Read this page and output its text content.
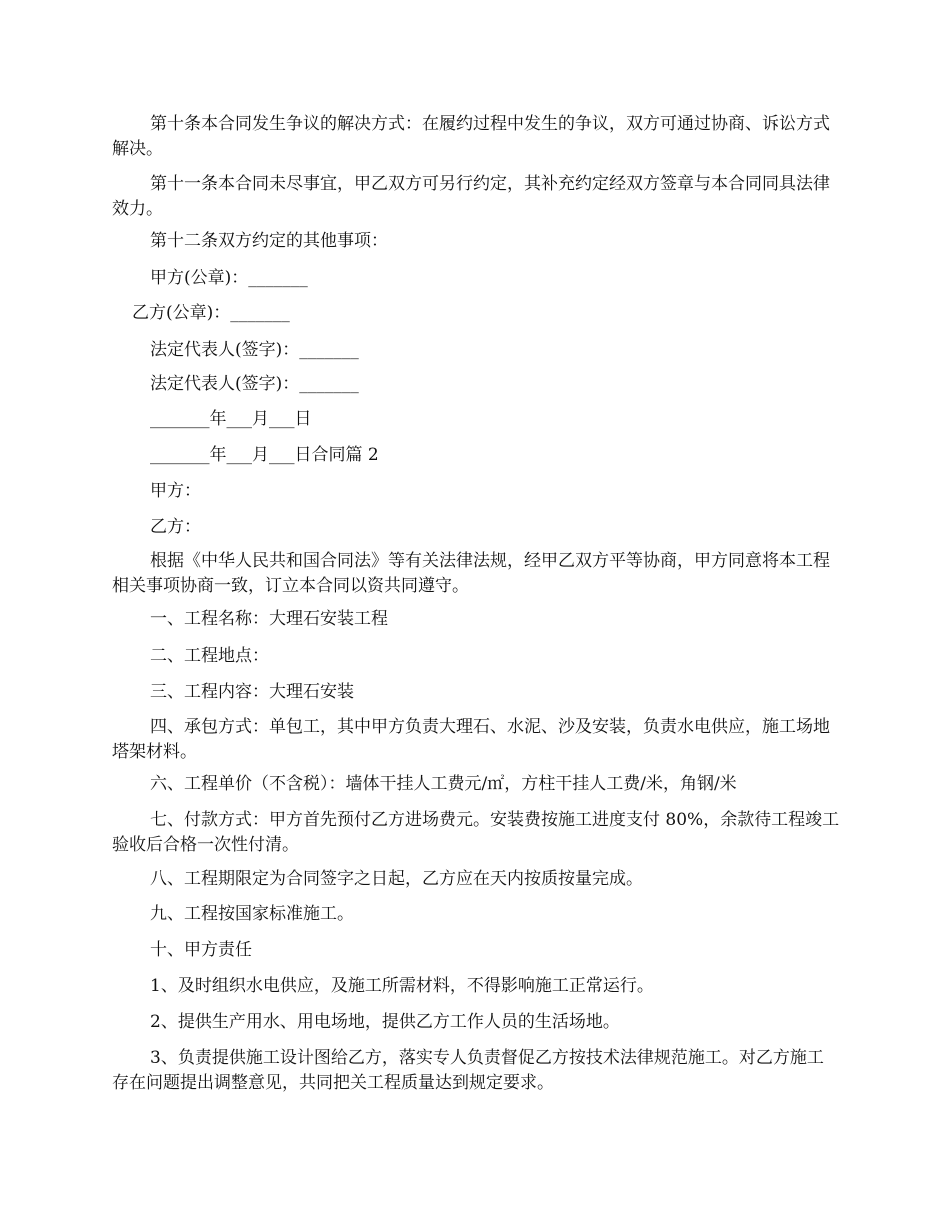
第十条本合同发生争议的解决方式：在履约过程中发生的争议，双方可通过协商、诉讼方式解决。

第十一条本合同未尽事宜，甲乙双方可另行约定，其补充约定经双方签章与本合同同具法律效力。

第十二条双方约定的其他事项：

甲方(公章)：_______

乙方(公章)：_______

法定代表人(签字)：_______

法定代表人(签字)：_______

_______年___月___日

_______年___月___日合同篇 2

甲方：

乙方：

根据《中华人民共和国合同法》等有关法律法规，经甲乙双方平等协商，甲方同意将本工程相关事项协商一致，订立本合同以资共同遵守。

一、工程名称：大理石安装工程

二、工程地点：

三、工程内容：大理石安装

四、承包方式：单包工，其中甲方负责大理石、水泥、沙及安装，负责水电供应，施工场地塔架材料。

六、工程单价（不含税）：墙体干挂人工费元/㎡，方柱干挂人工费/米，角钢/米

七、付款方式：甲方首先预付乙方进场费元。安装费按施工进度支付 80%，余款待工程竣工验收后合格一次性付清。

八、工程期限定为合同签字之日起，乙方应在天内按质按量完成。

九、工程按国家标准施工。

十、甲方责任

1、及时组织水电供应，及施工所需材料，不得影响施工正常运行。

2、提供生产用水、用电场地，提供乙方工作人员的生活场地。

3、负责提供施工设计图给乙方，落实专人负责督促乙方按技术法律规范施工。对乙方施工存在问题提出调整意见，共同把关工程质量达到规定要求。
